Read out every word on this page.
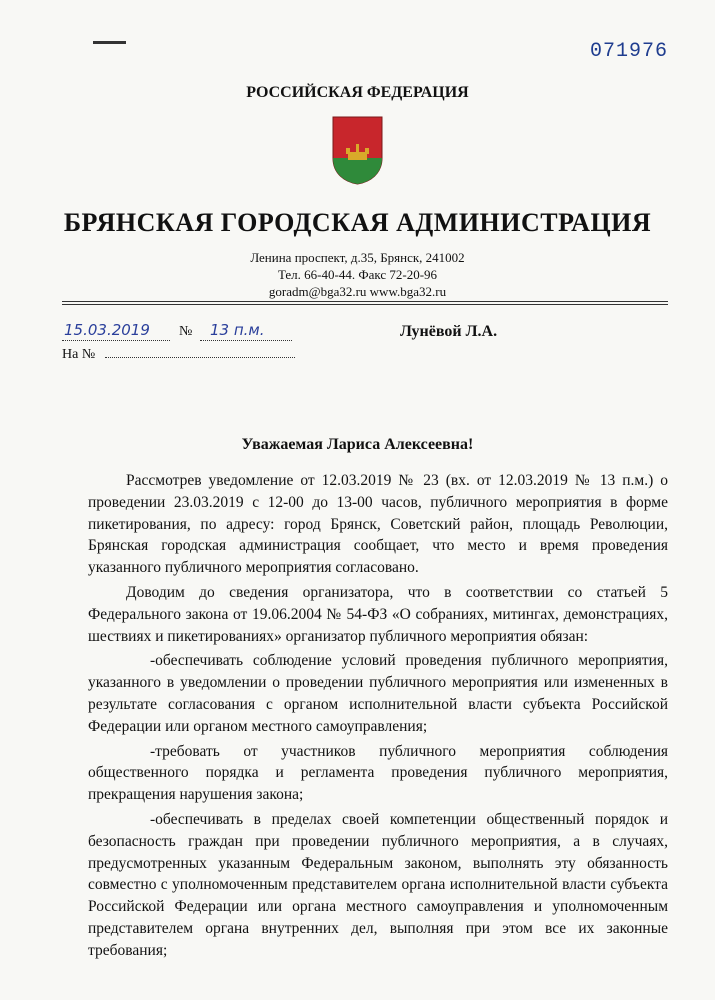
071976
РОССИЙСКАЯ ФЕДЕРАЦИЯ
БРЯНСКАЯ ГОРОДСКАЯ АДМИНИСТРАЦИЯ
Ленина проспект, д.35, Брянск, 241002
Тел. 66-40-44. Факс 72-20-96
goradm@bga32.ru www.bga32.ru
15.03.2019 № 13 п.м.	Лунёвой Л.А.
На №
Уважаемая Лариса Алексеевна!

Рассмотрев уведомление от 12.03.2019 № 23 (вх. от 12.03.2019 № 13 п.м.) о проведении 23.03.2019 с 12-00 до 13-00 часов, публичного мероприятия в форме пикетирования, по адресу: город Брянск, Советский район, площадь Революции, Брянская городская администрация сообщает, что место и время проведения указанного публичного мероприятия согласовано.

Доводим до сведения организатора, что в соответствии со статьей 5 Федерального закона от 19.06.2004 № 54-ФЗ «О собраниях, митингах, демонстрациях, шествиях и пикетированиях» организатор публичного мероприятия обязан:

-обеспечивать соблюдение условий проведения публичного мероприятия, указанного в уведомлении о проведении публичного мероприятия или измененных в результате согласования с органом исполнительной власти субъекта Российской Федерации или органом местного самоуправления;

-требовать от участников публичного мероприятия соблюдения общественного порядка и регламента проведения публичного мероприятия, прекращения нарушения закона;

-обеспечивать в пределах своей компетенции общественный порядок и безопасность граждан при проведении публичного мероприятия, а в случаях, предусмотренных указанным Федеральным законом, выполнять эту обязанность совместно с уполномоченным представителем органа исполнительной власти субъекта Российской Федерации или органа местного самоуправления и уполномоченным представителем органа внутренних дел, выполняя при этом все их законные требования;
